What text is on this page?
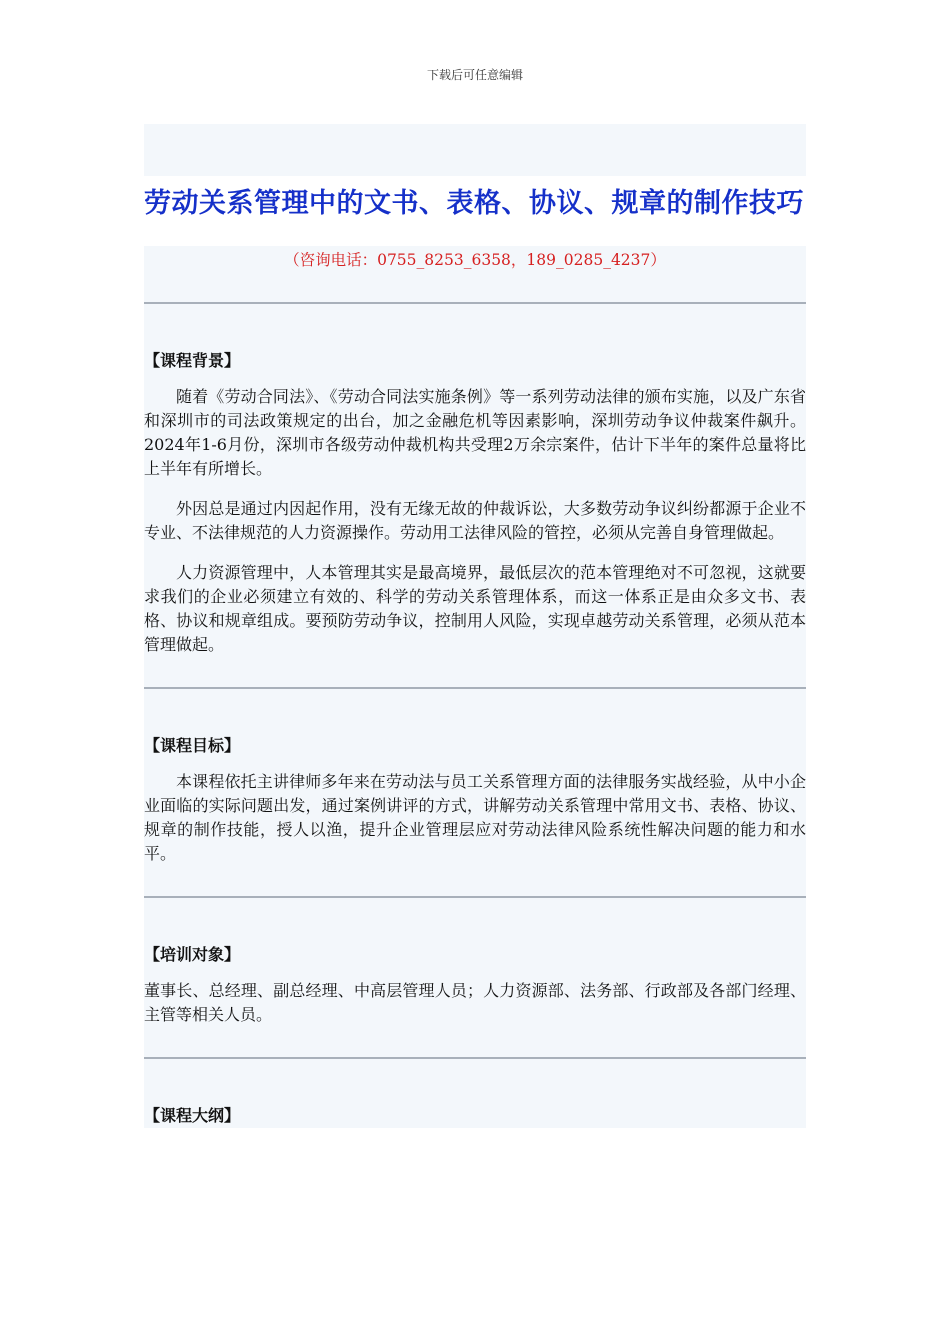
下载后可任意编辑
劳动关系管理中的文书、表格、协议、规章的制作技巧
（咨询电话：0755_8253_6358，189_0285_4237）
【课程背景】

随着《劳动合同法》、《劳动合同法实施条例》等一系列劳动法律的颁布实施，以及广东省和深圳市的司法政策规定的出台，加之金融危机等因素影响，深圳劳动争议仲裁案件飙升。2024年1-6月份，深圳市各级劳动仲裁机构共受理2万余宗案件，估计下半年的案件总量将比上半年有所增长。

外因总是通过内因起作用，没有无缘无故的仲裁诉讼，大多数劳动争议纠纷都源于企业不专业、不法律规范的人力资源操作。劳动用工法律风险的管控，必须从完善自身管理做起。

人力资源管理中，人本管理其实是最高境界，最低层次的范本管理绝对不可忽视，这就要求我们的企业必须建立有效的、科学的劳动关系管理体系，而这一体系正是由众多文书、表格、协议和规章组成。要预防劳动争议，控制用人风险，实现卓越劳动关系管理，必须从范本管理做起。

【课程目标】

本课程依托主讲律师多年来在劳动法与员工关系管理方面的法律服务实战经验，从中小企业面临的实际问题出发，通过案例讲评的方式，讲解劳动关系管理中常用文书、表格、协议、规章的制作技能，授人以渔，提升企业管理层应对劳动法律风险系统性解决问题的能力和水平。

【培训对象】

董事长、总经理、副总经理、中高层管理人员；人力资源部、法务部、行政部及各部门经理、主管等相关人员。

【课程大纲】
